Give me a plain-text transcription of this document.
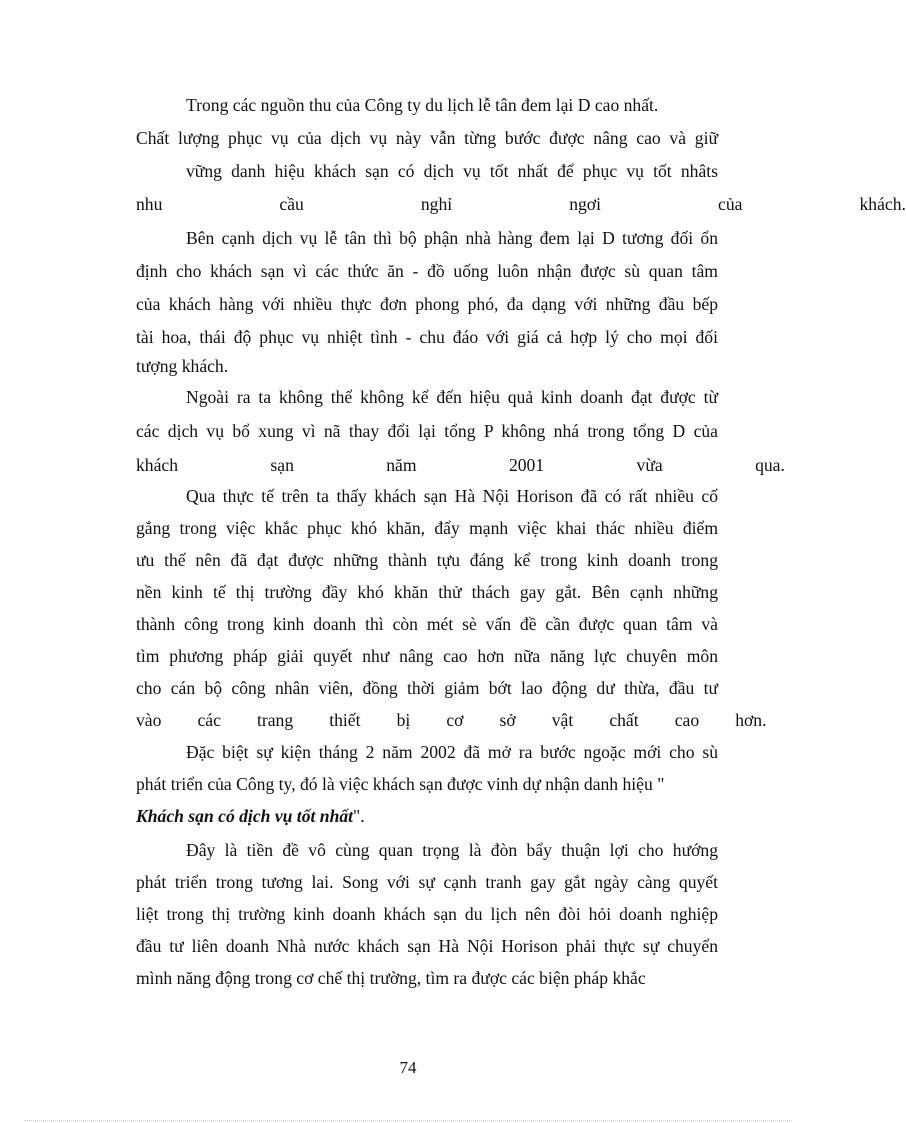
Trong các nguồn thu của Công ty du lịch lễ tân đem lại D cao nhất.
Chất lượng phục vụ của dịch vụ này vẫn từng bước được nâng cao và giữ
vững danh hiệu khách sạn có dịch vụ tốt nhất để phục vụ tốt nhâts
nhu cầu nghỉ ngơi của khách.
Bên cạnh dịch vụ lễ tân thì bộ phận nhà hàng đem lại D tương đối ổn
định cho khách sạn vì các thức ăn - đồ uống luôn nhận được sù quan tâm
của khách hàng với nhiều thực đơn phong phó, đa dạng với những đầu bếp
tài hoa, thái độ phục vụ nhiệt tình - chu đáo với giá cả hợp lý cho mọi đối
tượng khách.
Ngoài ra ta không thể không kể đến hiệu quả kinh doanh đạt được từ
các dịch vụ bổ xung vì nã thay đổi lại tổng P không nhá trong tổng D của
khách sạn năm 2001 vừa qua.
Qua thực tế trên ta thấy khách sạn Hà Nội Horison đã có rất nhiều cố
gắng trong việc khắc phục khó khăn, đẩy mạnh việc khai thác nhiều điểm
ưu thế nên đã đạt được những thành tựu đáng kể trong kinh doanh trong
nền kinh tế thị trường đầy khó khăn thử thách gay gắt. Bên cạnh những
thành công trong kinh doanh thì còn mét sè vấn đề cần được quan tâm và
tìm phương pháp giải quyết như nâng cao hơn nữa năng lực chuyên môn
cho cán bộ công nhân viên, đồng thời giảm bớt lao động dư thừa, đầu tư
vào các trang thiết bị cơ sở vật chất cao hơn.
Đặc biệt sự kiện tháng 2 năm 2002 đã mở ra bước ngoặc mới cho sù
phát triển của Công ty, đó là việc khách sạn được vinh dự nhận danh hiệu "
Khách sạn có dịch vụ tốt nhất".
Đây là tiền đề vô cùng quan trọng là đòn bẩy thuận lợi cho hướng
phát triển trong tương lai. Song với sự cạnh tranh gay gắt ngày càng quyết
liệt trong thị trường kinh doanh khách sạn du lịch nên đòi hỏi doanh nghiệp
đầu tư liên doanh Nhà nước khách sạn Hà Nội Horison phải thực sự chuyển
mình năng động trong cơ chế thị trường, tìm ra được các biện pháp khắc
74
